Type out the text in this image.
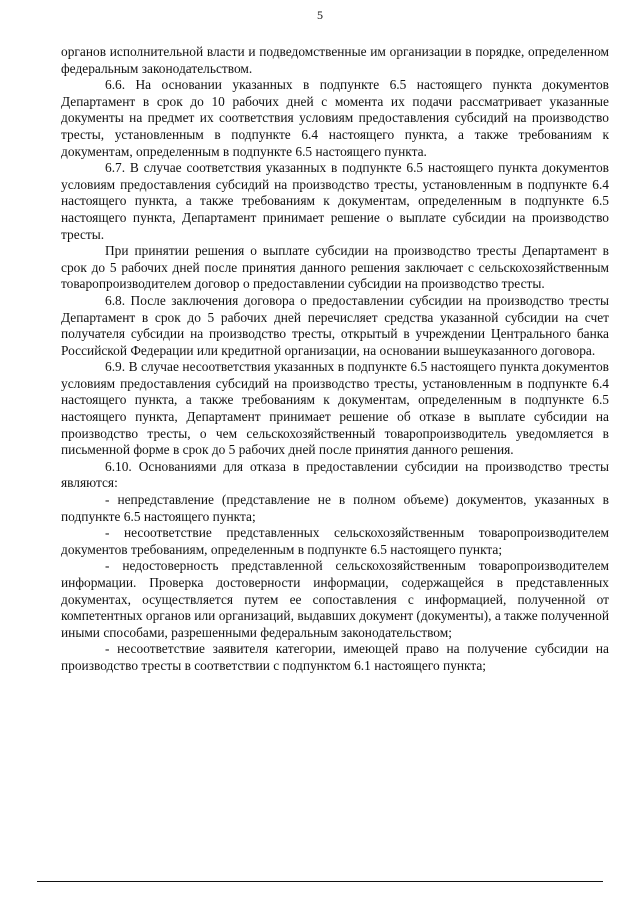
5

органов исполнительной власти и подведомственные им организации в порядке, определенном федеральным законодательством.

6.6. На основании указанных в подпункте 6.5 настоящего пункта документов Департамент в срок до 10 рабочих дней с момента их подачи рассматривает указанные документы на предмет их соответствия условиям предоставления субсидий на производство тресты, установленным в подпункте 6.4 настоящего пункта, а также требованиям к документам, определенным в подпункте 6.5 настоящего пункта.

6.7. В случае соответствия указанных в подпункте 6.5 настоящего пункта документов условиям предоставления субсидий на производство тресты, установленным в подпункте 6.4 настоящего пункта, а также требованиям к документам, определенным в подпункте 6.5 настоящего пункта, Департамент принимает решение о выплате субсидии на производство тресты.

При принятии решения о выплате субсидии на производство тресты Департамент в срок до 5 рабочих дней после принятия данного решения заключает с сельскохозяйственным товаропроизводителем договор о предоставлении субсидии на производство тресты.

6.8. После заключения договора о предоставлении субсидии на производство тресты Департамент в срок до 5 рабочих дней перечисляет средства указанной субсидии на счет получателя субсидии на производство тресты, открытый в учреждении Центрального банка Российской Федерации или кредитной организации, на основании вышеуказанного договора.

6.9. В случае несоответствия указанных в подпункте 6.5 настоящего пункта документов условиям предоставления субсидий на производство тресты, установленным в подпункте 6.4 настоящего пункта, а также требованиям к документам, определенным в подпункте 6.5 настоящего пункта, Департамент принимает решение об отказе в выплате субсидии на производство тресты, о чем сельскохозяйственный товаропроизводитель уведомляется в письменной форме в срок до 5 рабочих дней после принятия данного решения.

6.10. Основаниями для отказа в предоставлении субсидии на производство тресты являются:

- непредставление (представление не в полном объеме) документов, указанных в подпункте 6.5 настоящего пункта;

- несоответствие представленных сельскохозяйственным товаропроизводителем документов требованиям, определенным в подпункте 6.5 настоящего пункта;

- недостоверность представленной сельскохозяйственным товаропроизводителем информации. Проверка достоверности информации, содержащейся в представленных документах, осуществляется путем ее сопоставления с информацией, полученной от компетентных органов или организаций, выдавших документ (документы), а также полученной иными способами, разрешенными федеральным законодательством;

- несоответствие заявителя категории, имеющей право на получение субсидии на производство тресты в соответствии с подпунктом 6.1 настоящего пункта;
